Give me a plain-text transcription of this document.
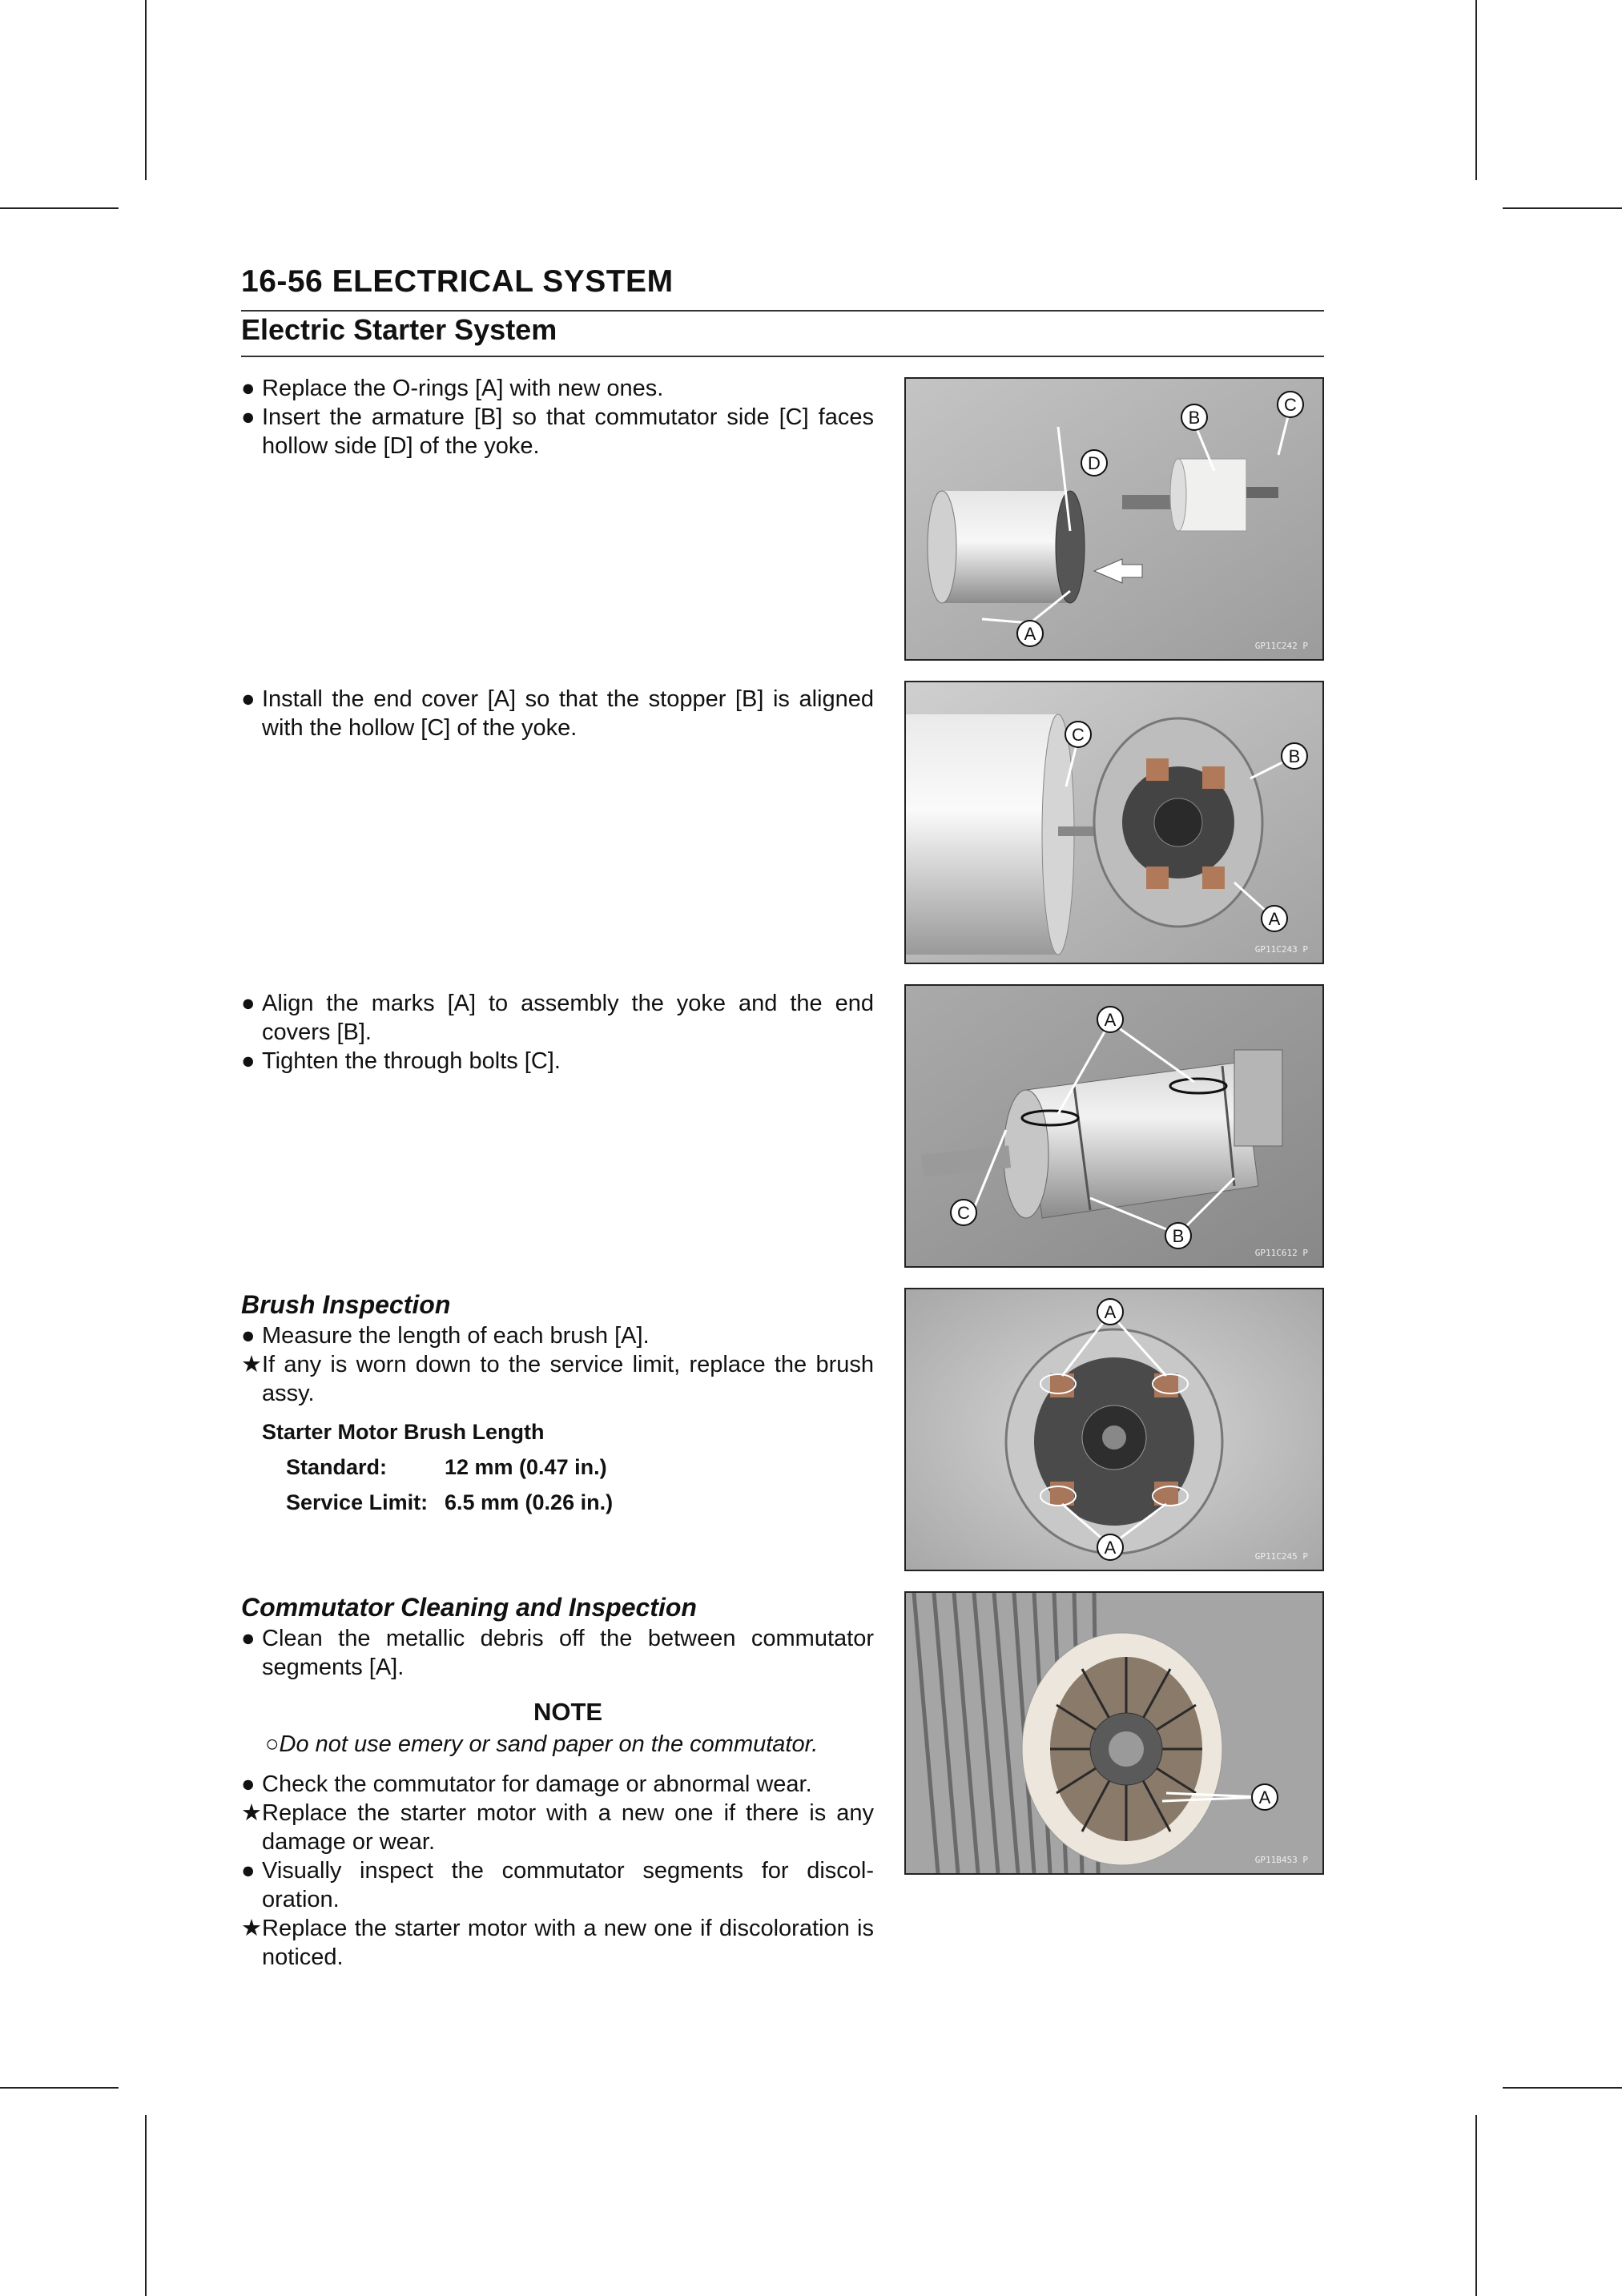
16-56 ELECTRICAL SYSTEM
Electric Starter System
● Replace the O-rings [A] with new ones.
● Insert the armature [B] so that commutator side [C] faces hollow side [D] of the yoke.
● Install the end cover [A] so that the stopper [B] is aligned with the hollow [C] of the yoke.
● Align the marks [A] to assembly the yoke and the end covers [B].
● Tighten the through bolts [C].
Brush Inspection
● Measure the length of each brush [A].
★ If any is worn down to the service limit, replace the brush assy.
Starter Motor Brush Length
Standard:	12 mm (0.47 in.)
Service Limit: 6.5 mm (0.26 in.)
Commutator Cleaning and Inspection
● Clean the metallic debris off the between commutator segments [A].
NOTE
○Do not use emery or sand paper on the commutator.
● Check the commutator for damage or abnormal wear.
★ Replace the starter motor with a new one if there is any damage or wear.
● Visually inspect the commutator segments for discol-oration.
★ Replace the starter motor with a new one if discoloration is noticed.
D
B
C
A
GP11C242 P
C
B
A
GP11C243 P
A
B
C
GP11C612 P
A
A	GP11C245 P
A
GP11B453 P
